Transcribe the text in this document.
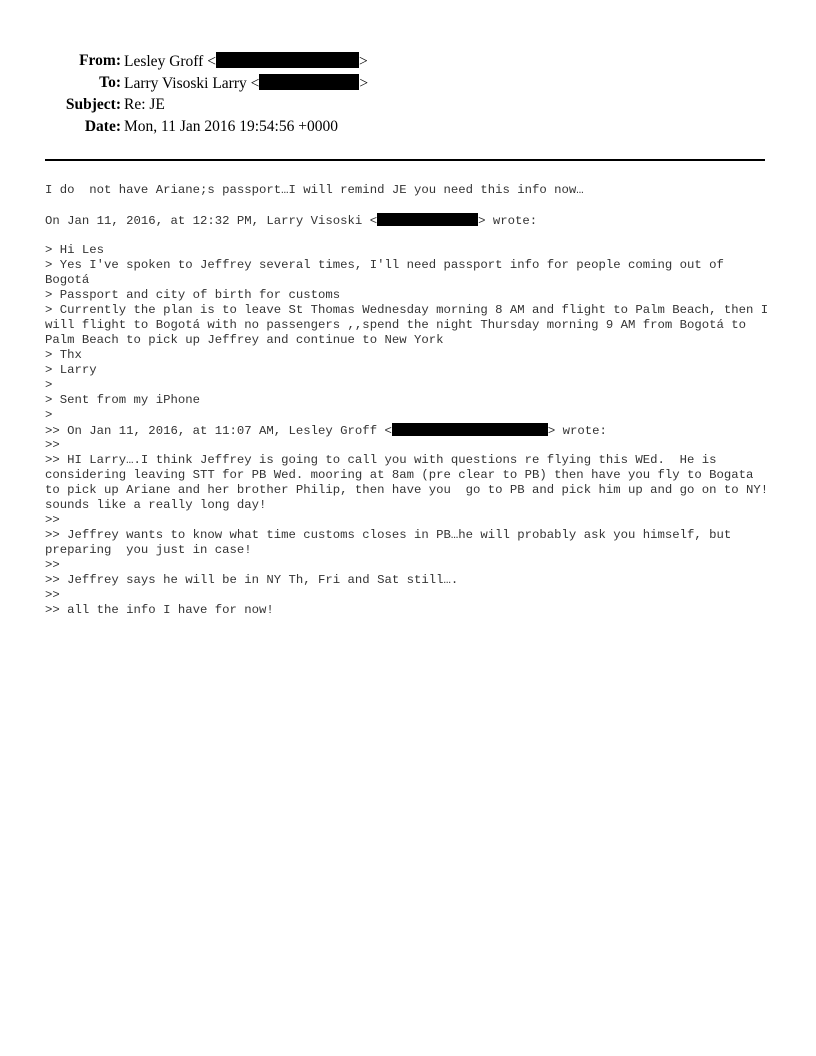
From: Lesley Groff <	>
To: Larry Visoski Larry <	>
Subject: Re: JE
Date: Mon, 11 Jan 2016 19:54:56 +0000
I do  not have Ariane;s passport…I will remind JE you need this info now…
On Jan 11, 2016, at 12:32 PM, Larry Visoski <	> wrote:
> Hi Les
> Yes I've spoken to Jeffrey several times, I'll need passport info for people coming out of Bogotá
> Passport and city of birth for customs
> Currently the plan is to leave St Thomas Wednesday morning 8 AM and flight to Palm Beach, then I will flight to Bogotá with no passengers ,,spend the night Thursday morning 9 AM from Bogotá to Palm Beach to pick up Jeffrey and continue to New York
> Thx
> Larry
>
> Sent from my iPhone
>
>> On Jan 11, 2016, at 11:07 AM, Lesley Groff <	> wrote:
>>
>> HI Larry….I think Jeffrey is going to call you with questions re flying this WEd.  He is considering leaving STT for PB Wed. mooring at 8am (pre clear to PB) then have you fly to Bogata to pick up Ariane and her brother Philip, then have you  go to PB and pick him up and go on to NY!  sounds like a really long day!
>>
>> Jeffrey wants to know what time customs closes in PB…he will probably ask you himself, but preparing  you just in case!
>>
>> Jeffrey says he will be in NY Th, Fri and Sat still….
>>
>> all the info I have for now!
